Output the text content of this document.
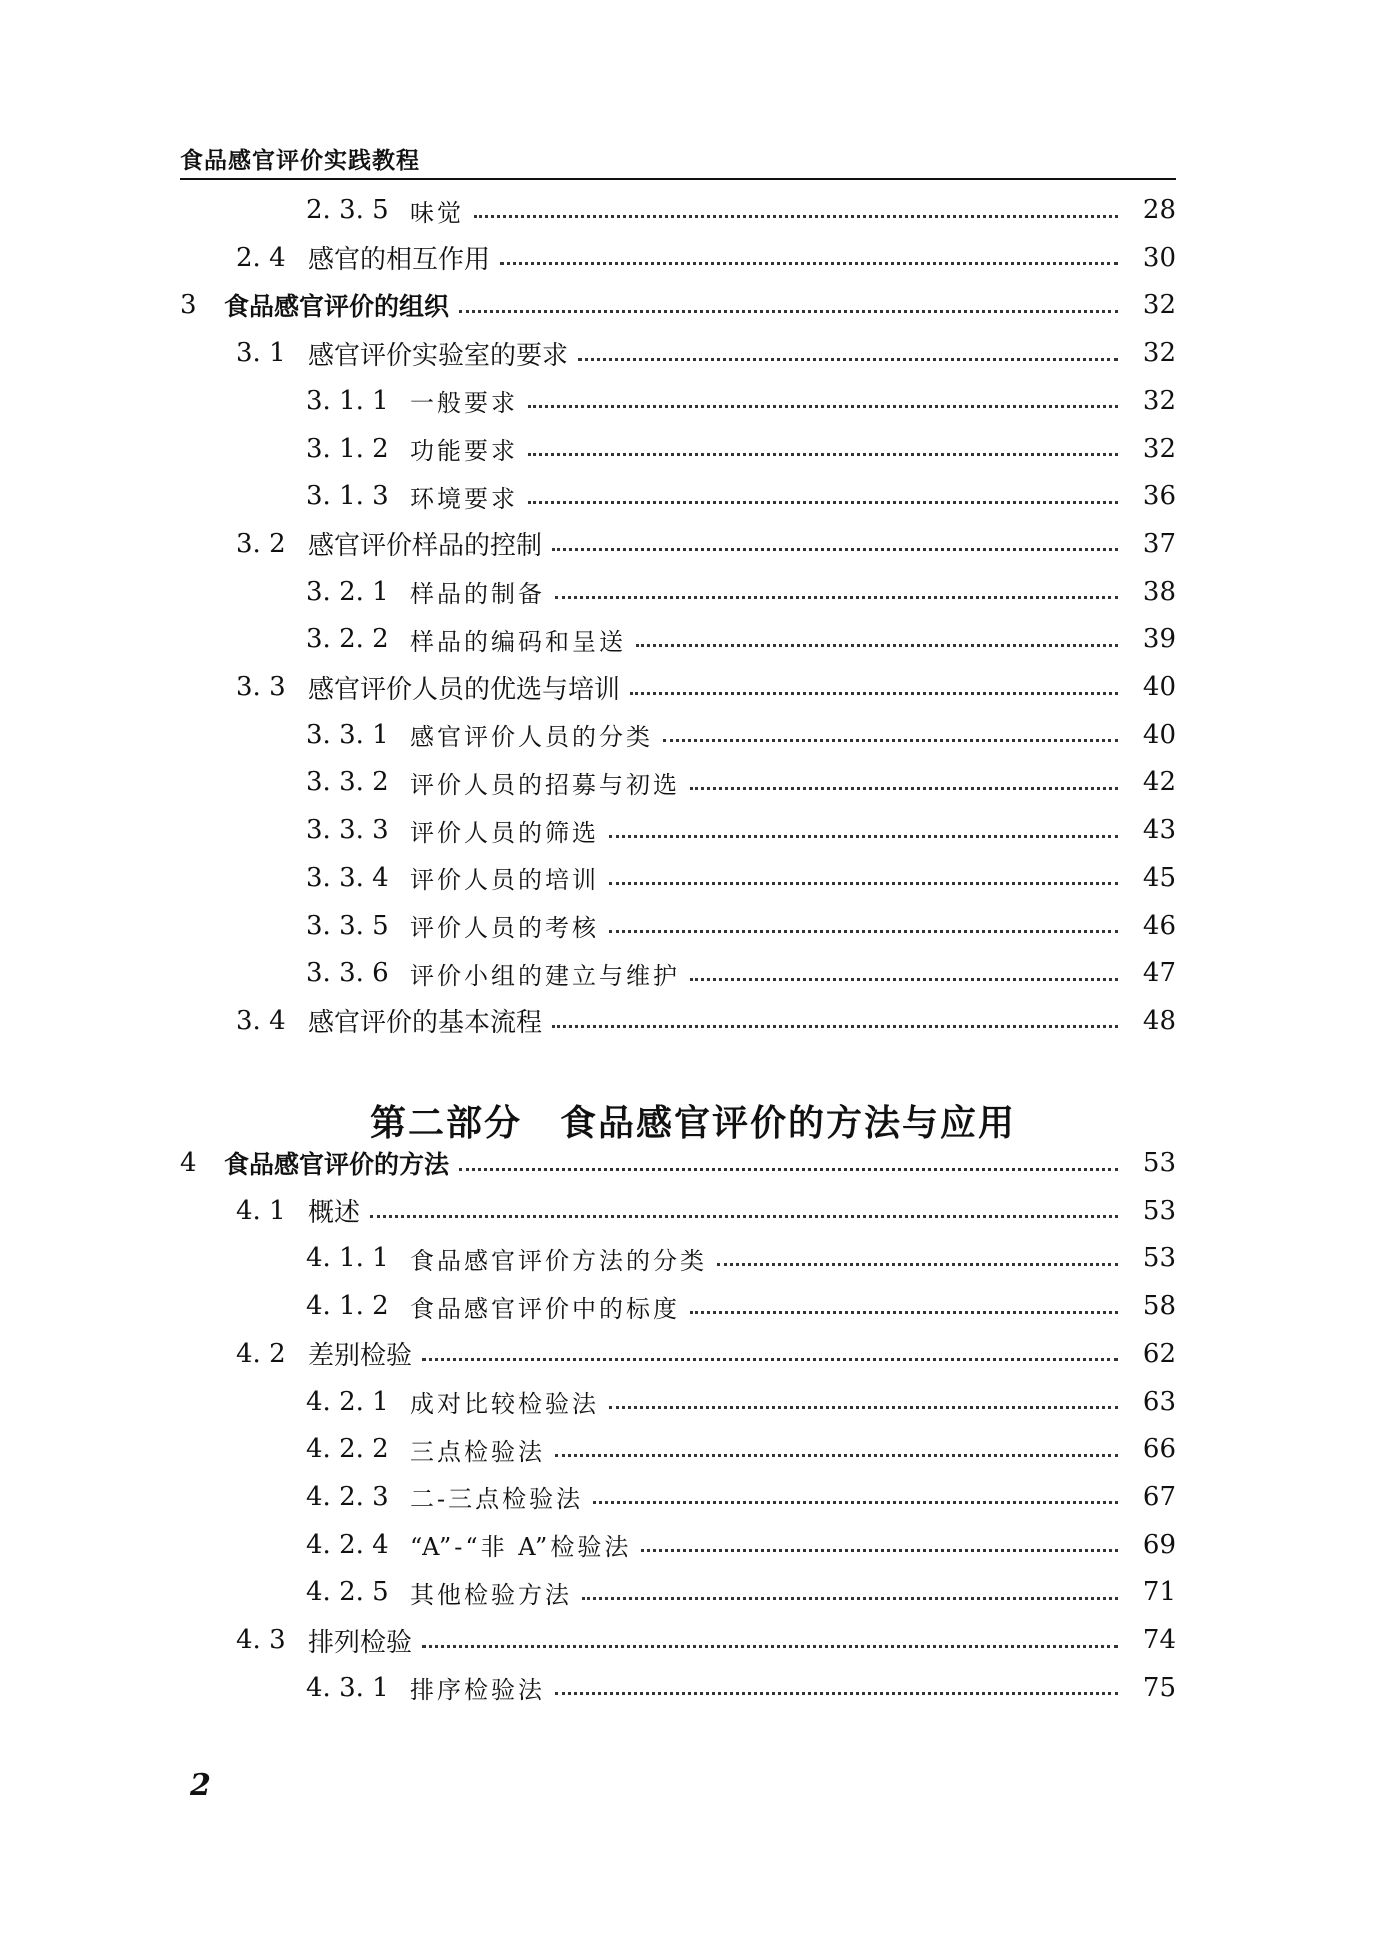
食品感官评价实践教程
2. 3. 5 味觉	28
2. 4 感官的相互作用	30
3 食品感官评价的组织	32
3. 1 感官评价实验室的要求	32
3. 1. 1 一般要求	32
3. 1. 2 功能要求	32
3. 1. 3 环境要求	36
3. 2 感官评价样品的控制	37
3. 2. 1 样品的制备	38
3. 2. 2 样品的编码和呈送	39
3. 3 感官评价人员的优选与培训	40
3. 3. 1 感官评价人员的分类	40
3. 3. 2 评价人员的招募与初选	42
3. 3. 3 评价人员的筛选	43
3. 3. 4 评价人员的培训	45
3. 3. 5 评价人员的考核	46
3. 3. 6 评价小组的建立与维护	47
3. 4 感官评价的基本流程	48
第二部分　食品感官评价的方法与应用
4 食品感官评价的方法	53
4. 1 概述	53
4. 1. 1 食品感官评价方法的分类	53
4. 1. 2 食品感官评价中的标度	58
4. 2 差别检验	62
4. 2. 1 成对比较检验法	63
4. 2. 2 三点检验法	66
4. 2. 3 二-三点检验法	67
4. 2. 4 “A”-“非 A”检验法	69
4. 2. 5 其他检验方法	71
4. 3 排列检验	74
4. 3. 1 排序检验法	75
2
